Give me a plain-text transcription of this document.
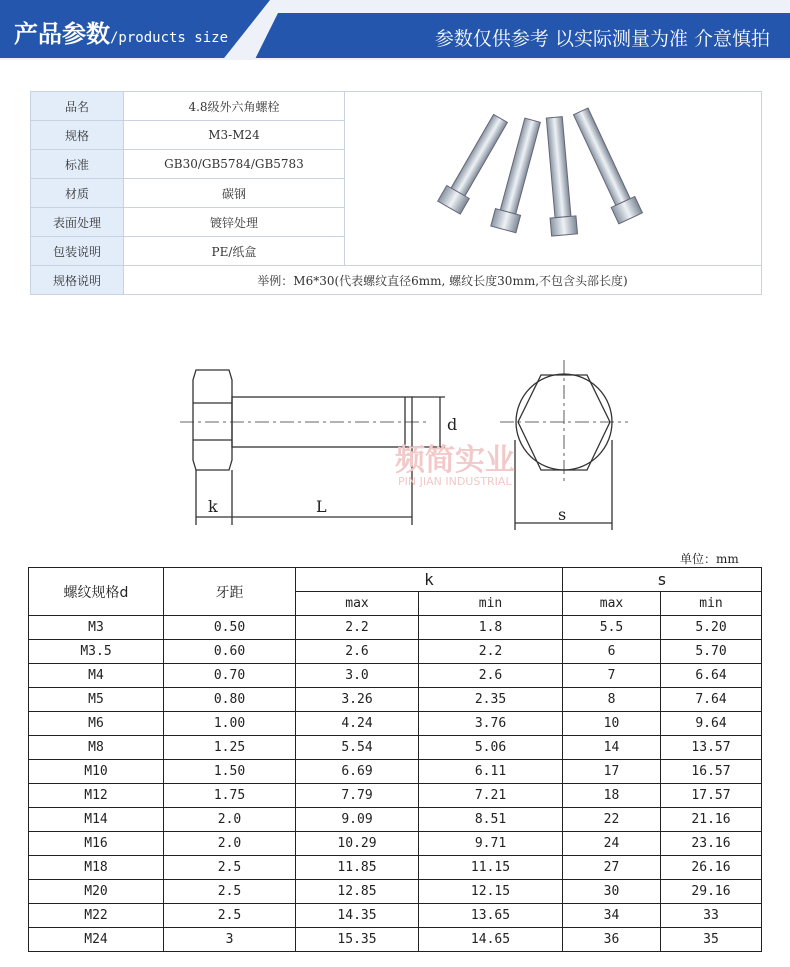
产品参数/products size	参数仅供参考 以实际测量为准 介意慎拍
品名	4.8级外六角螺栓	
规格	M3-M24	
标准	GB30/GB5784/GB5783	
材质	碳钢	
表面处理	镀锌处理	
包装说明	PE/纸盒	
规格说明	举例：M6*30(代表螺纹直径6mm, 螺纹长度30mm,不包含头部长度)	
k	L
d
s
频简实业
PIN JIAN INDUSTRIAL
单位：mm
螺纹规格d	牙距	k		s	
		max	min	max	min
M3	0.50	2.2	1.8	5.5	5.20
M3.5	0.60	2.6	2.2	6	5.70
M4	0.70	3.0	2.6	7	6.64
M5	0.80	3.26	2.35	8	7.64
M6	1.00	4.24	3.76	10	9.64
M8	1.25	5.54	5.06	14	13.57
M10	1.50	6.69	6.11	17	16.57
M12	1.75	7.79	7.21	18	17.57
M14	2.0	9.09	8.51	22	21.16
M16	2.0	10.29	9.71	24	23.16
M18	2.5	11.85	11.15	27	26.16
M20	2.5	12.85	12.15	30	29.16
M22	2.5	14.35	13.65	34	33
M24	3	15.35	14.65	36	35
